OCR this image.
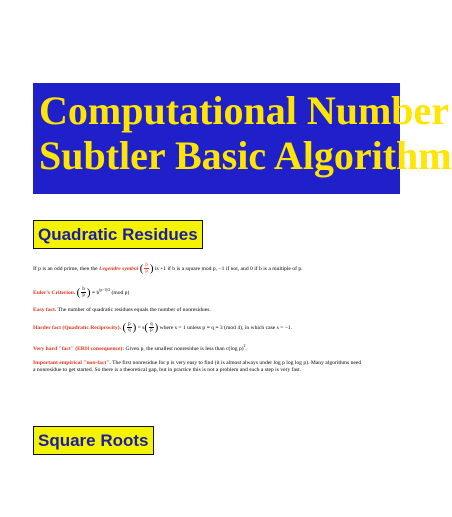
Computational Number
Subtler Basic Algorithm
Quadratic Residues
If p is an odd prime, then the Legendre symbol ( $\frac{b}{p}$ ) is +1 if b is a square mod p, −1 if not, and 0 if b is a multiple of p.
Euler's Criterion. ( $\frac{b}{p}$ ) ≡ $b^{(p-1)/2}$ (mod p)
Easy fact. The number of quadratic residues equals the number of nonresidues.
Harder fact (Quadratic Reciprocity). ( $\frac{p}{q}$ ) = $s( \frac{q}{p}$ ) where s = 1 unless p ≡ q ≡ 3 (mod 4), in which case s = −1.
Very hard "fact" (ERH consequence): Given p, the smallest nonresidue is less than c(log p)$^2$.
Important empirical "non-fact". The first nonresidue for p is very easy to find (it is almost always under log p log log p). Many algorithms need a nonresidue to get started. So there is a theoretical gap, but in practice this is not a problem and such a step is very fast.
Square Roots
